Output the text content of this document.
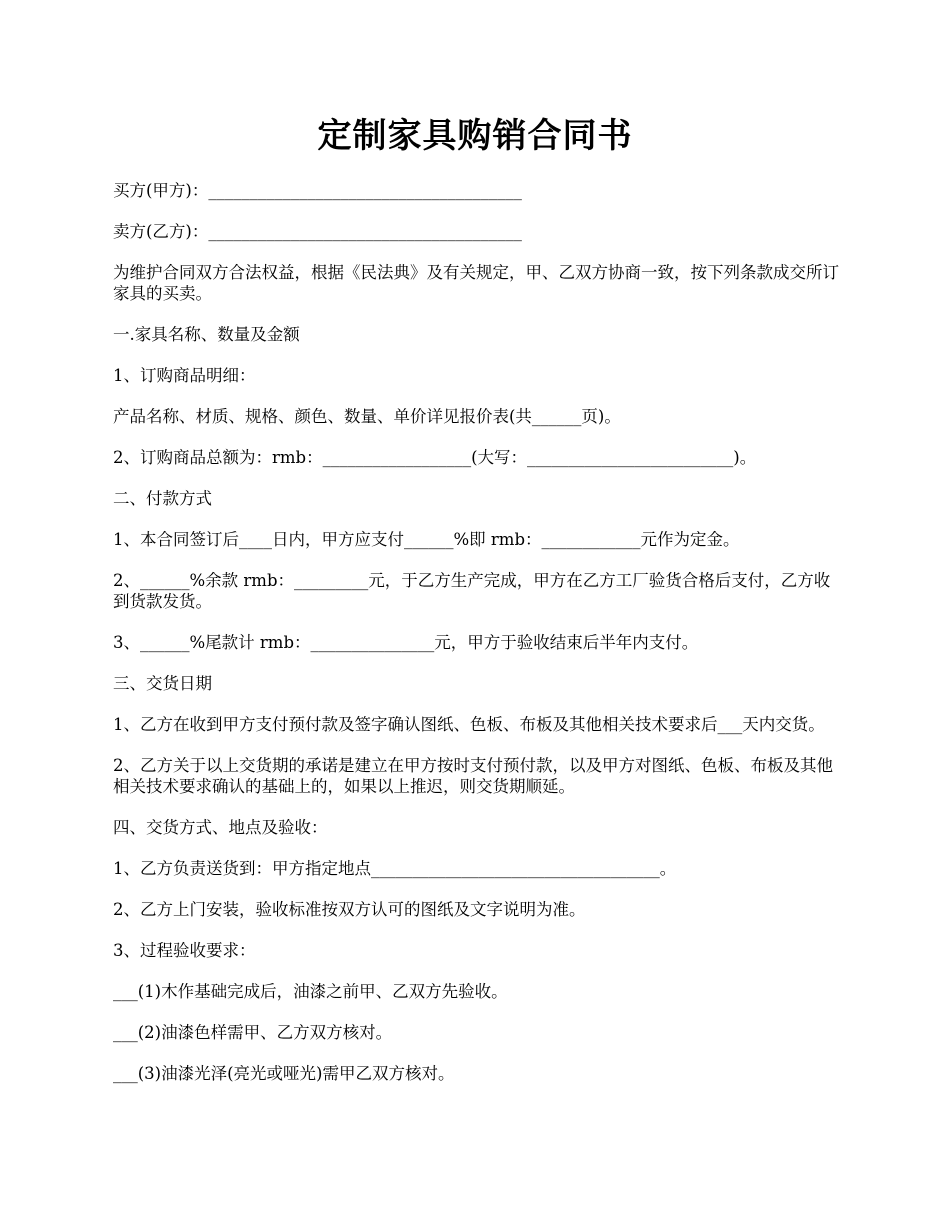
定制家具购销合同书

买方(甲方)：______________________________________

卖方(乙方)：______________________________________

为维护合同双方合法权益，根据《民法典》及有关规定，甲、乙双方协商一致，按下列条款成交所订家具的买卖。

一.家具名称、数量及金额

1、订购商品明细：

产品名称、材质、规格、颜色、数量、单价详见报价表(共______页)。

2、订购商品总额为：rmb：__________________(大写：_________________________)。

二、付款方式

1、本合同签订后____日内，甲方应支付______%即 rmb：____________元作为定金。

2、______%余款 rmb：_________元，于乙方生产完成，甲方在乙方工厂验货合格后支付，乙方收到货款发货。

3、______%尾款计 rmb：_______________元，甲方于验收结束后半年内支付。

三、交货日期

1、乙方在收到甲方支付预付款及签字确认图纸、色板、布板及其他相关技术要求后___天内交货。

2、乙方关于以上交货期的承诺是建立在甲方按时支付预付款，以及甲方对图纸、色板、布板及其他相关技术要求确认的基础上的，如果以上推迟，则交货期顺延。

四、交货方式、地点及验收：

1、乙方负责送货到：甲方指定地点___________________________________。

2、乙方上门安装，验收标准按双方认可的图纸及文字说明为准。

3、过程验收要求：

___(1)木作基础完成后，油漆之前甲、乙双方先验收。

___(2)油漆色样需甲、乙方双方核对。

___(3)油漆光泽(亮光或哑光)需甲乙双方核对。
